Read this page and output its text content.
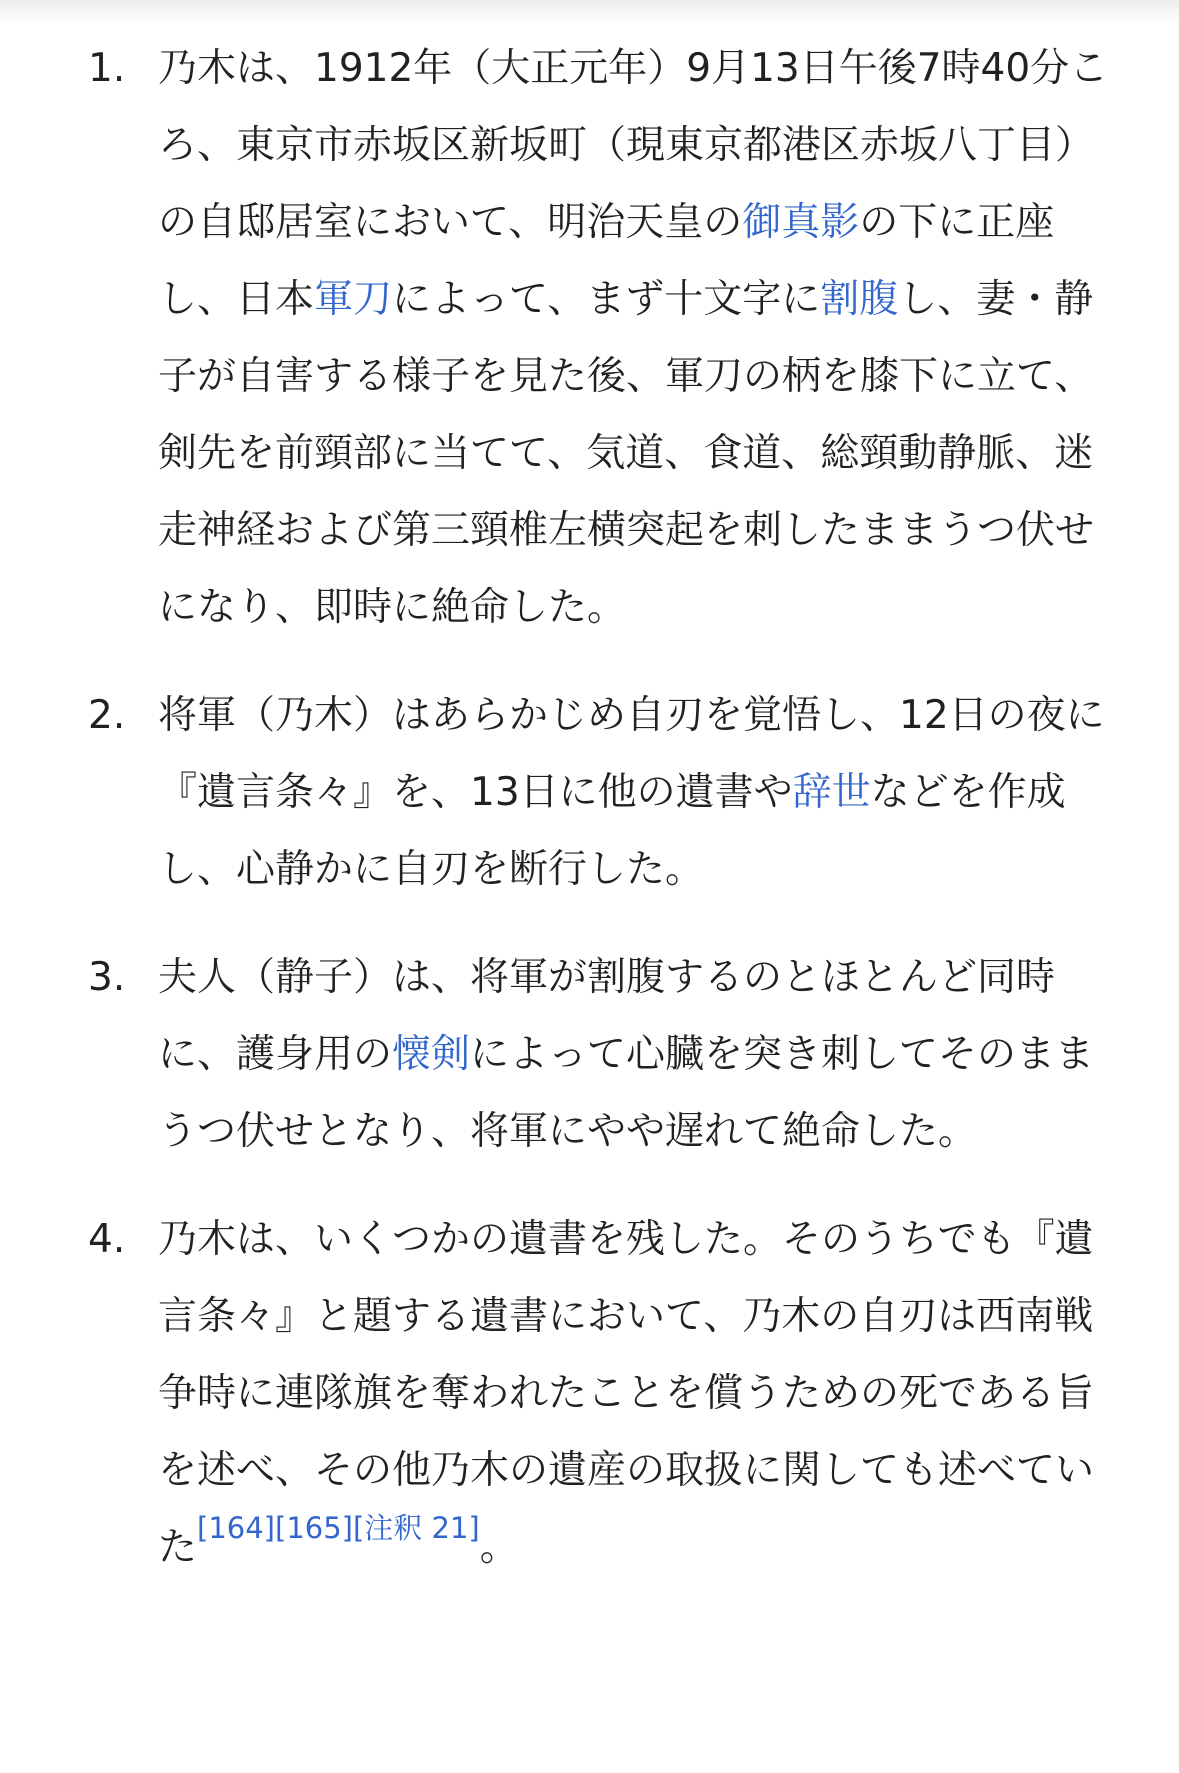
1. 乃木は、1912年（大正元年）9月13日午後7時40分ころ、東京市赤坂区新坂町（現東京都港区赤坂八丁目）の自邸居室において、明治天皇の御真影の下に正座し、日本軍刀によって、まず十文字に割腹し、妻・静子が自害する様子を見た後、軍刀の柄を膝下に立て、剣先を前頸部に当てて、気道、食道、総頸動静脈、迷走神経および第三頸椎左横突起を刺したままうつ伏せになり、即時に絶命した。
2. 将軍（乃木）はあらかじめ自刃を覚悟し、12日の夜に『遺言条々』を、13日に他の遺書や辞世などを作成し、心静かに自刃を断行した。
3. 夫人（静子）は、将軍が割腹するのとほとんど同時に、護身用の懐剣によって心臓を突き刺してそのままうつ伏せとなり、将軍にやや遅れて絶命した。
4. 乃木は、いくつかの遺書を残した。そのうちでも『遺言条々』と題する遺書において、乃木の自刃は西南戦争時に連隊旗を奪われたことを償うための死である旨を述べ、その他乃木の遺産の取扱に関しても述べていた[164][165][注釈 21]。
